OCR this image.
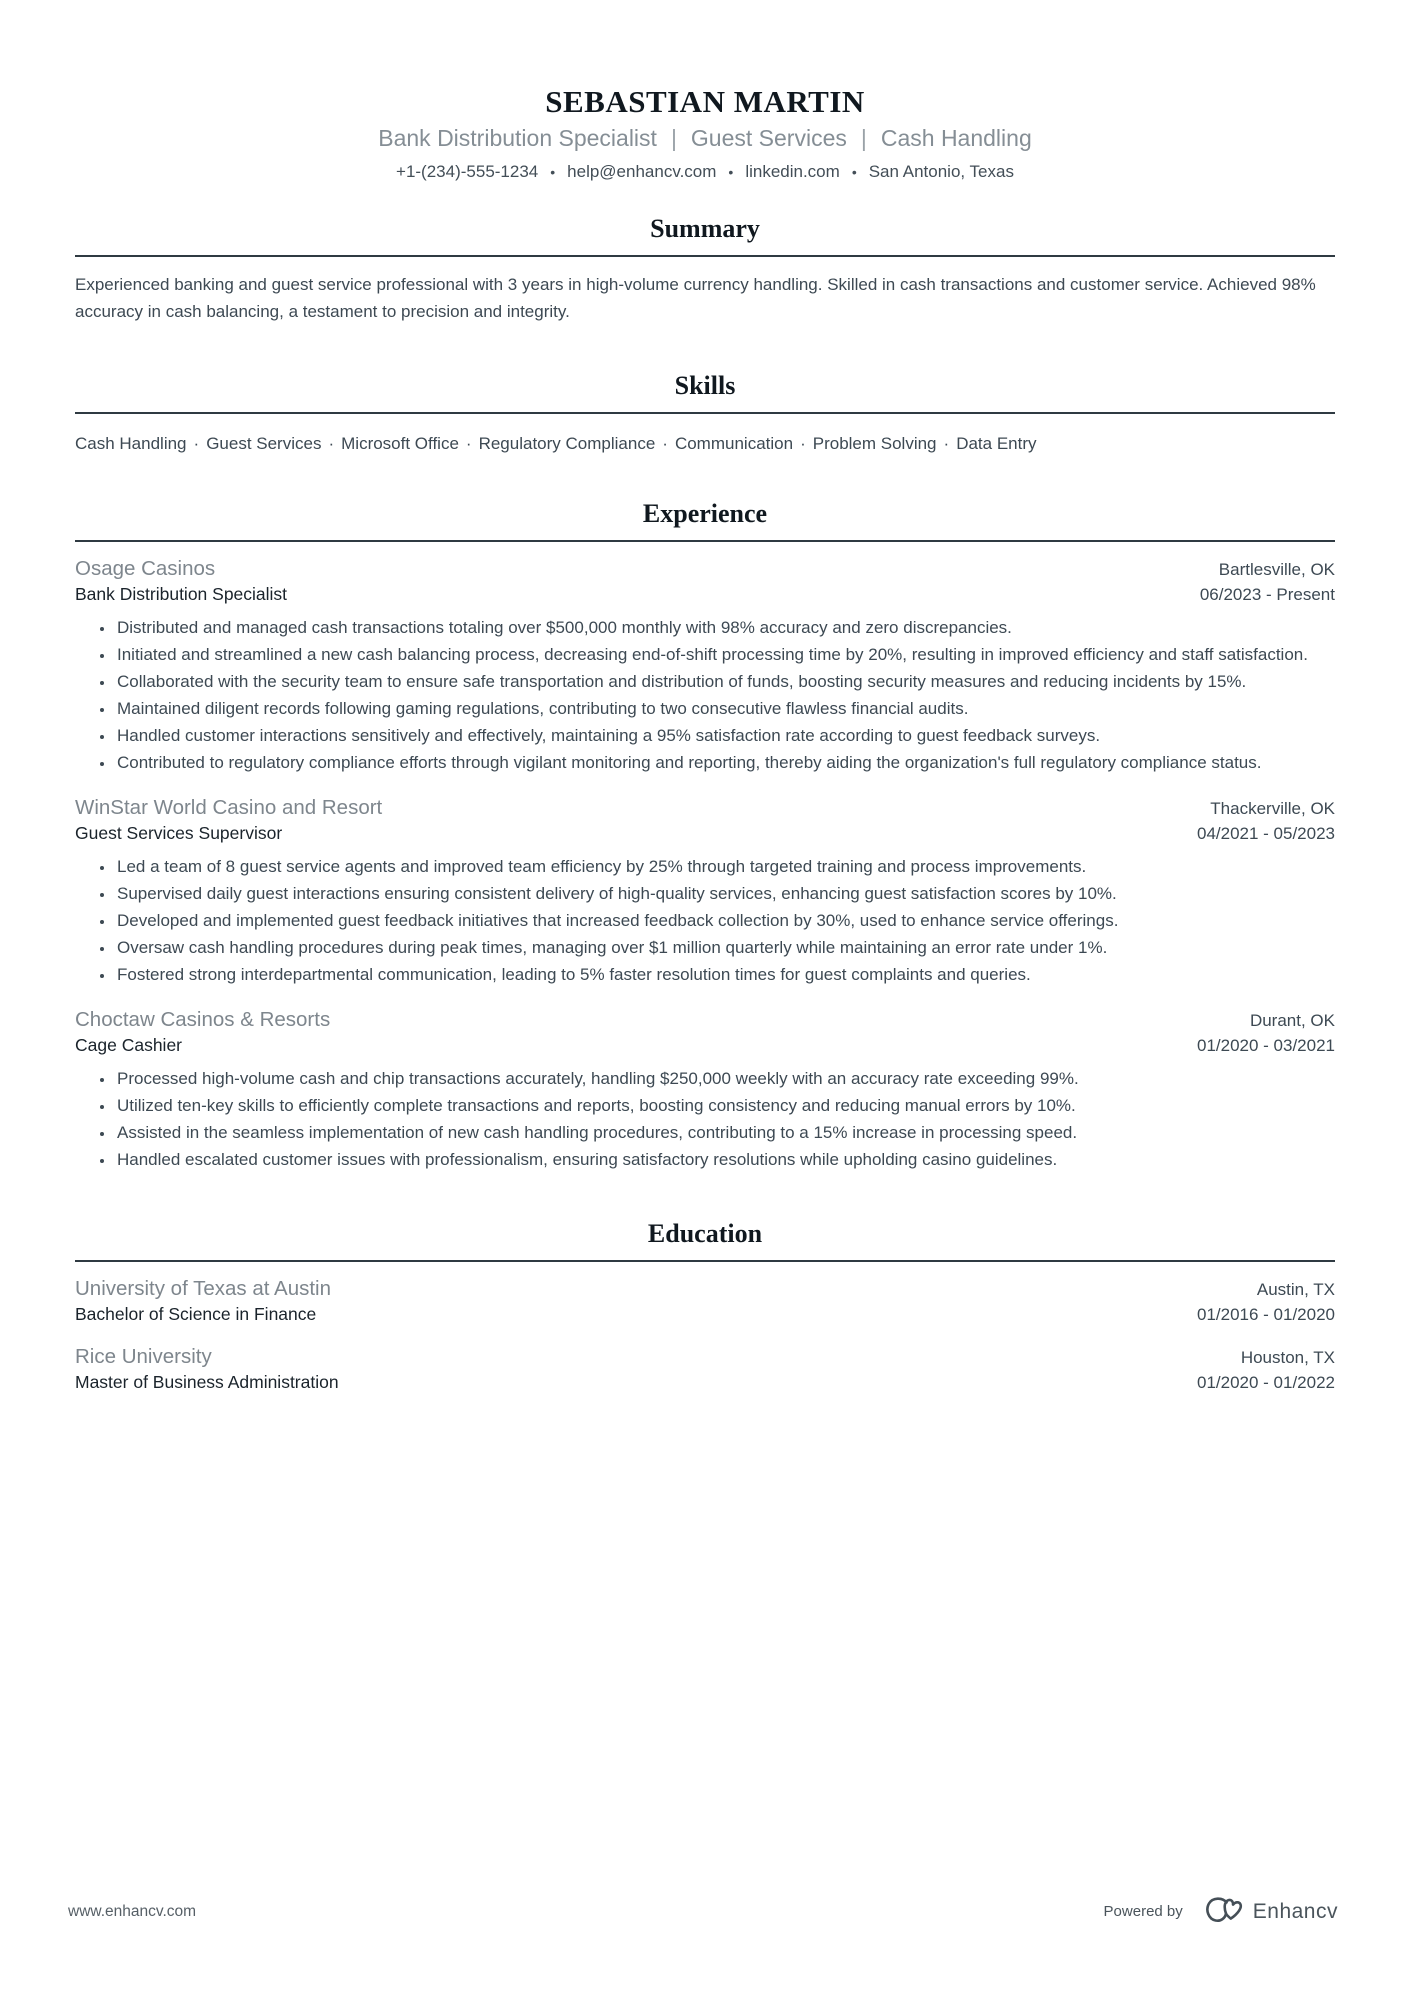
SEBASTIAN MARTIN
Bank Distribution Specialist | Guest Services | Cash Handling
+1-(234)-555-1234 • help@enhancv.com • linkedin.com • San Antonio, Texas
Summary

Experienced banking and guest service professional with 3 years in high-volume currency handling. Skilled in cash transactions and customer service. Achieved 98% accuracy in cash balancing, a testament to precision and integrity.

Skills
Cash Handling · Guest Services · Microsoft Office · Regulatory Compliance · Communication · Problem Solving · Data Entry
Experience
Osage Casinos	Bartlesville, OK
Bank Distribution Specialist	06/2023 - Present
• Distributed and managed cash transactions totaling over $500,000 monthly with 98% accuracy and zero discrepancies.
• Initiated and streamlined a new cash balancing process, decreasing end-of-shift processing time by 20%, resulting in improved efficiency and staff satisfaction.
• Collaborated with the security team to ensure safe transportation and distribution of funds, boosting security measures and reducing incidents by 15%.
• Maintained diligent records following gaming regulations, contributing to two consecutive flawless financial audits.
• Handled customer interactions sensitively and effectively, maintaining a 95% satisfaction rate according to guest feedback surveys.
• Contributed to regulatory compliance efforts through vigilant monitoring and reporting, thereby aiding the organization's full regulatory compliance status.
WinStar World Casino and Resort	Thackerville, OK
Guest Services Supervisor	04/2021 - 05/2023
• Led a team of 8 guest service agents and improved team efficiency by 25% through targeted training and process improvements.
• Supervised daily guest interactions ensuring consistent delivery of high-quality services, enhancing guest satisfaction scores by 10%.
• Developed and implemented guest feedback initiatives that increased feedback collection by 30%, used to enhance service offerings.
• Oversaw cash handling procedures during peak times, managing over $1 million quarterly while maintaining an error rate under 1%.
• Fostered strong interdepartmental communication, leading to 5% faster resolution times for guest complaints and queries.
Choctaw Casinos & Resorts	Durant, OK
Cage Cashier	01/2020 - 03/2021
• Processed high-volume cash and chip transactions accurately, handling $250,000 weekly with an accuracy rate exceeding 99%.
• Utilized ten-key skills to efficiently complete transactions and reports, boosting consistency and reducing manual errors by 10%.
• Assisted in the seamless implementation of new cash handling procedures, contributing to a 15% increase in processing speed.
• Handled escalated customer issues with professionalism, ensuring satisfactory resolutions while upholding casino guidelines.
Education
University of Texas at Austin	Austin, TX
Bachelor of Science in Finance	01/2016 - 01/2020
Rice University	Houston, TX
Master of Business Administration	01/2020 - 01/2022
www.enhancv.com	Powered by	Enhancv
